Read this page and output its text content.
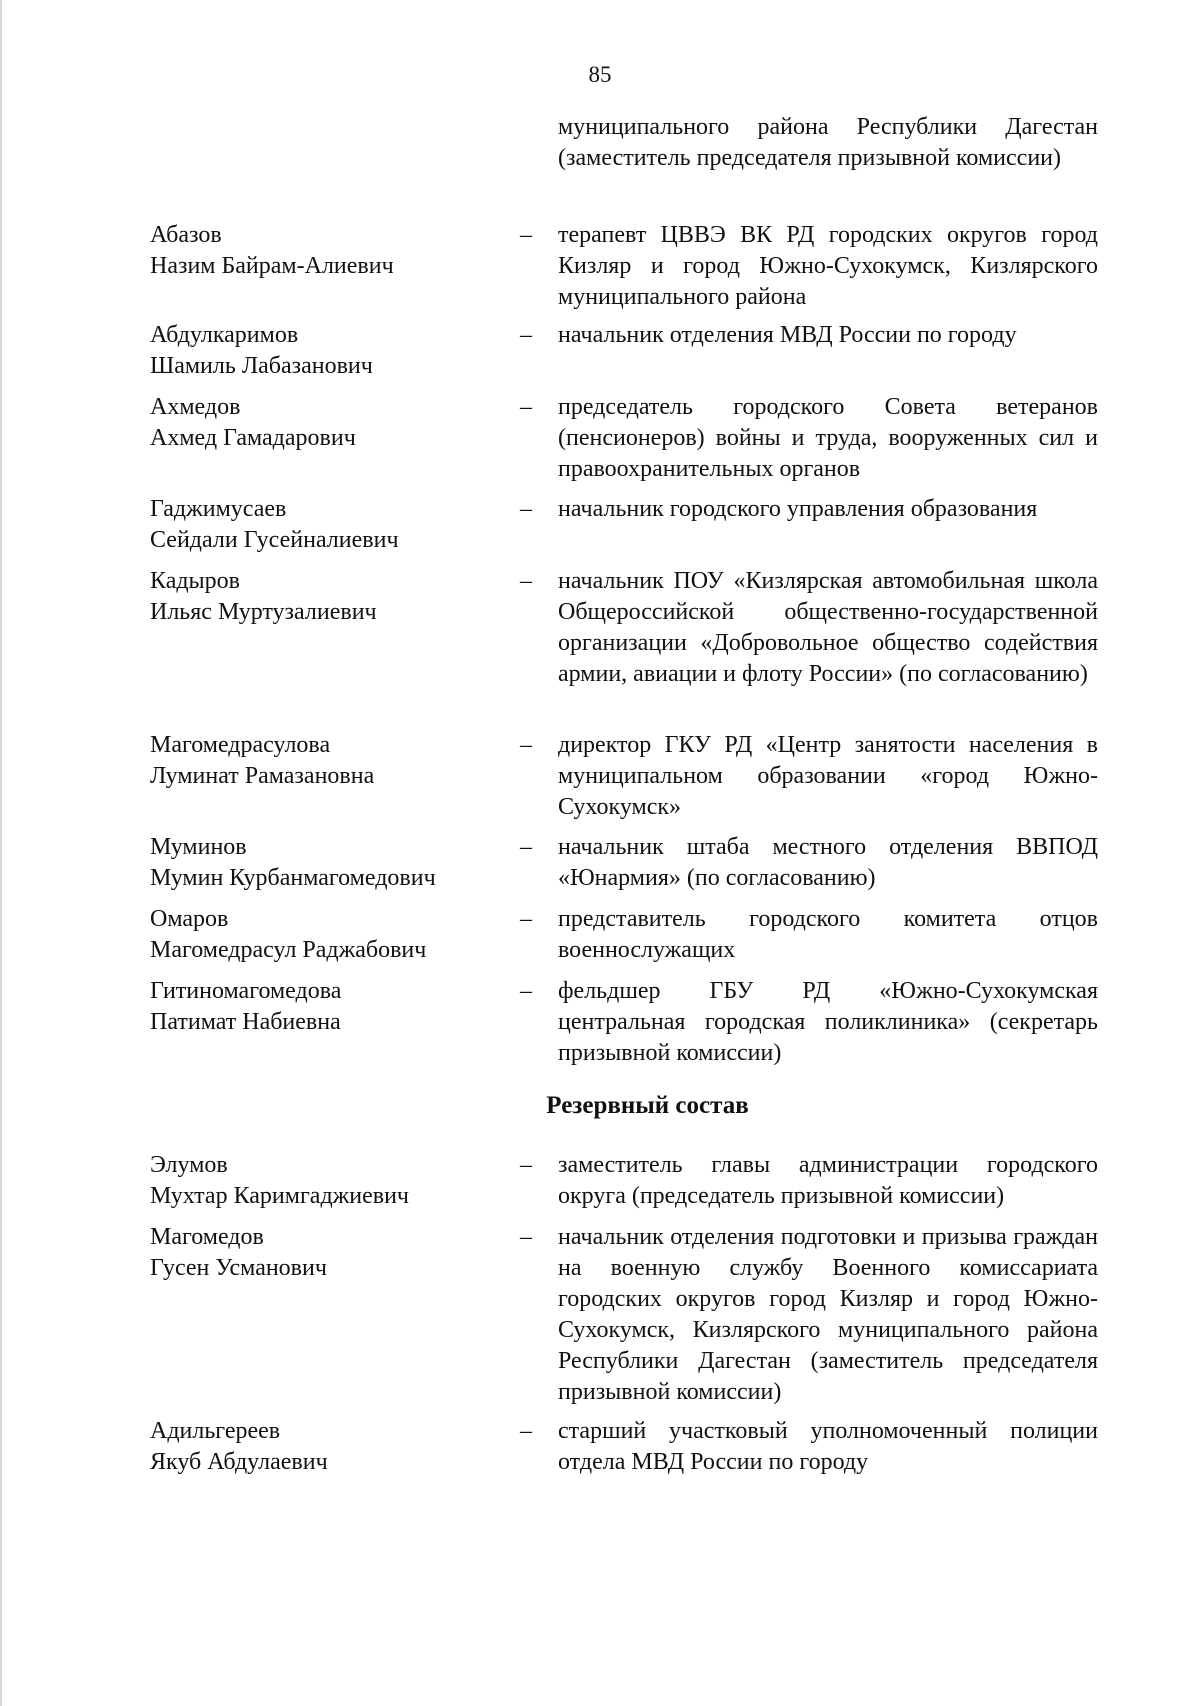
85
муниципального района Республики Дагестан (заместитель председателя призывной комиссии)
Абазов
Назим Байрам-Алиевич
– терапевт ЦВВЭ ВК РД городских округов город Кизляр и город Южно-Сухокумск, Кизлярского муниципального района
Абдулкаримов
Шамиль Лабазанович
– начальник отделения МВД России по городу
Ахмедов
Ахмед Гамадарович
– председатель городского Совета ветеранов (пенсионеров) войны и труда, вооруженных сил и правоохранительных органов
Гаджимусаев
Сейдали Гусейналиевич
– начальник городского управления образования
Кадыров
Ильяс Муртузалиевич
– начальник ПОУ «Кизлярская автомобильная школа Общероссийской общественно-государственной организации «Добровольное общество содействия армии, авиации и флоту России» (по согласованию)
Магомедрасулова
Луминат Рамазановна
– директор ГКУ РД «Центр занятости населения в муниципальном образовании «город Южно-Сухокумск»
Муминов
Мумин Курбанмагомедович
– начальник штаба местного отделения ВВПОД «Юнармия» (по согласованию)
Омаров
Магомедрасул Раджабович
– представитель городского комитета отцов военнослужащих
Гитиномагомедова
Патимат Набиевна
– фельдшер ГБУ РД «Южно-Сухокумская центральная городская поликлиника» (секретарь призывной комиссии)
Резервный состав
Элумов
Мухтар Каримгаджиевич
– заместитель главы администрации городского округа (председатель призывной комиссии)
Магомедов
Гусен Усманович
– начальник отделения подготовки и призыва граждан на военную службу Военного комиссариата городских округов город Кизляр и город Южно-Сухокумск, Кизлярского муниципального района Республики Дагестан (заместитель председателя призывной комиссии)
Адильгереев
Якуб Абдулаевич
– старший участковый уполномоченный полиции отдела МВД России по городу
